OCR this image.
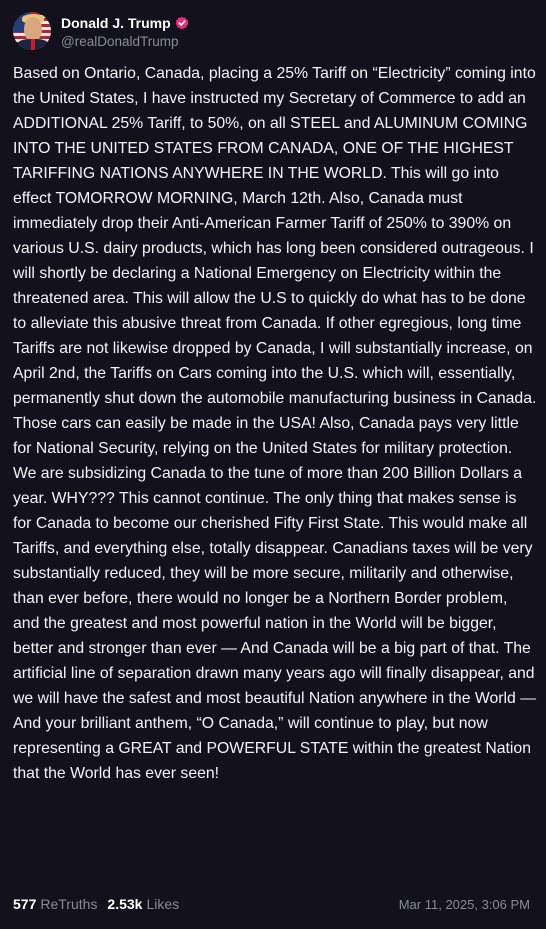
Donald J. Trump
@realDonaldTrump
Based on Ontario, Canada, placing a 25% Tariff on “Electricity” coming into the United States, I have instructed my Secretary of Commerce to add an ADDITIONAL 25% Tariff, to 50%, on all STEEL and ALUMINUM COMING INTO THE UNITED STATES FROM CANADA, ONE OF THE HIGHEST TARIFFING NATIONS ANYWHERE IN THE WORLD. This will go into effect TOMORROW MORNING, March 12th. Also, Canada must immediately drop their Anti-American Farmer Tariff of 250% to 390% on various U.S. dairy products, which has long been considered outrageous. I will shortly be declaring a National Emergency on Electricity within the threatened area. This will allow the U.S to quickly do what has to be done to alleviate this abusive threat from Canada. If other egregious, long time Tariffs are not likewise dropped by Canada, I will substantially increase, on April 2nd, the Tariffs on Cars coming into the U.S. which will, essentially, permanently shut down the automobile manufacturing business in Canada. Those cars can easily be made in the USA! Also, Canada pays very little for National Security, relying on the United States for military protection. We are subsidizing Canada to the tune of more than 200 Billion Dollars a year. WHY??? This cannot continue. The only thing that makes sense is for Canada to become our cherished Fifty First State. This would make all Tariffs, and everything else, totally disappear. Canadians taxes will be very substantially reduced, they will be more secure, militarily and otherwise, than ever before, there would no longer be a Northern Border problem, and the greatest and most powerful nation in the World will be bigger, better and stronger than ever — And Canada will be a big part of that. The artificial line of separation drawn many years ago will finally disappear, and we will have the safest and most beautiful Nation anywhere in the World — And your brilliant anthem, “O Canada,” will continue to play, but now representing a GREAT and POWERFUL STATE within the greatest Nation that the World has ever seen!
577 ReTruths 2.53k Likes	Mar 11, 2025, 3:06 PM
